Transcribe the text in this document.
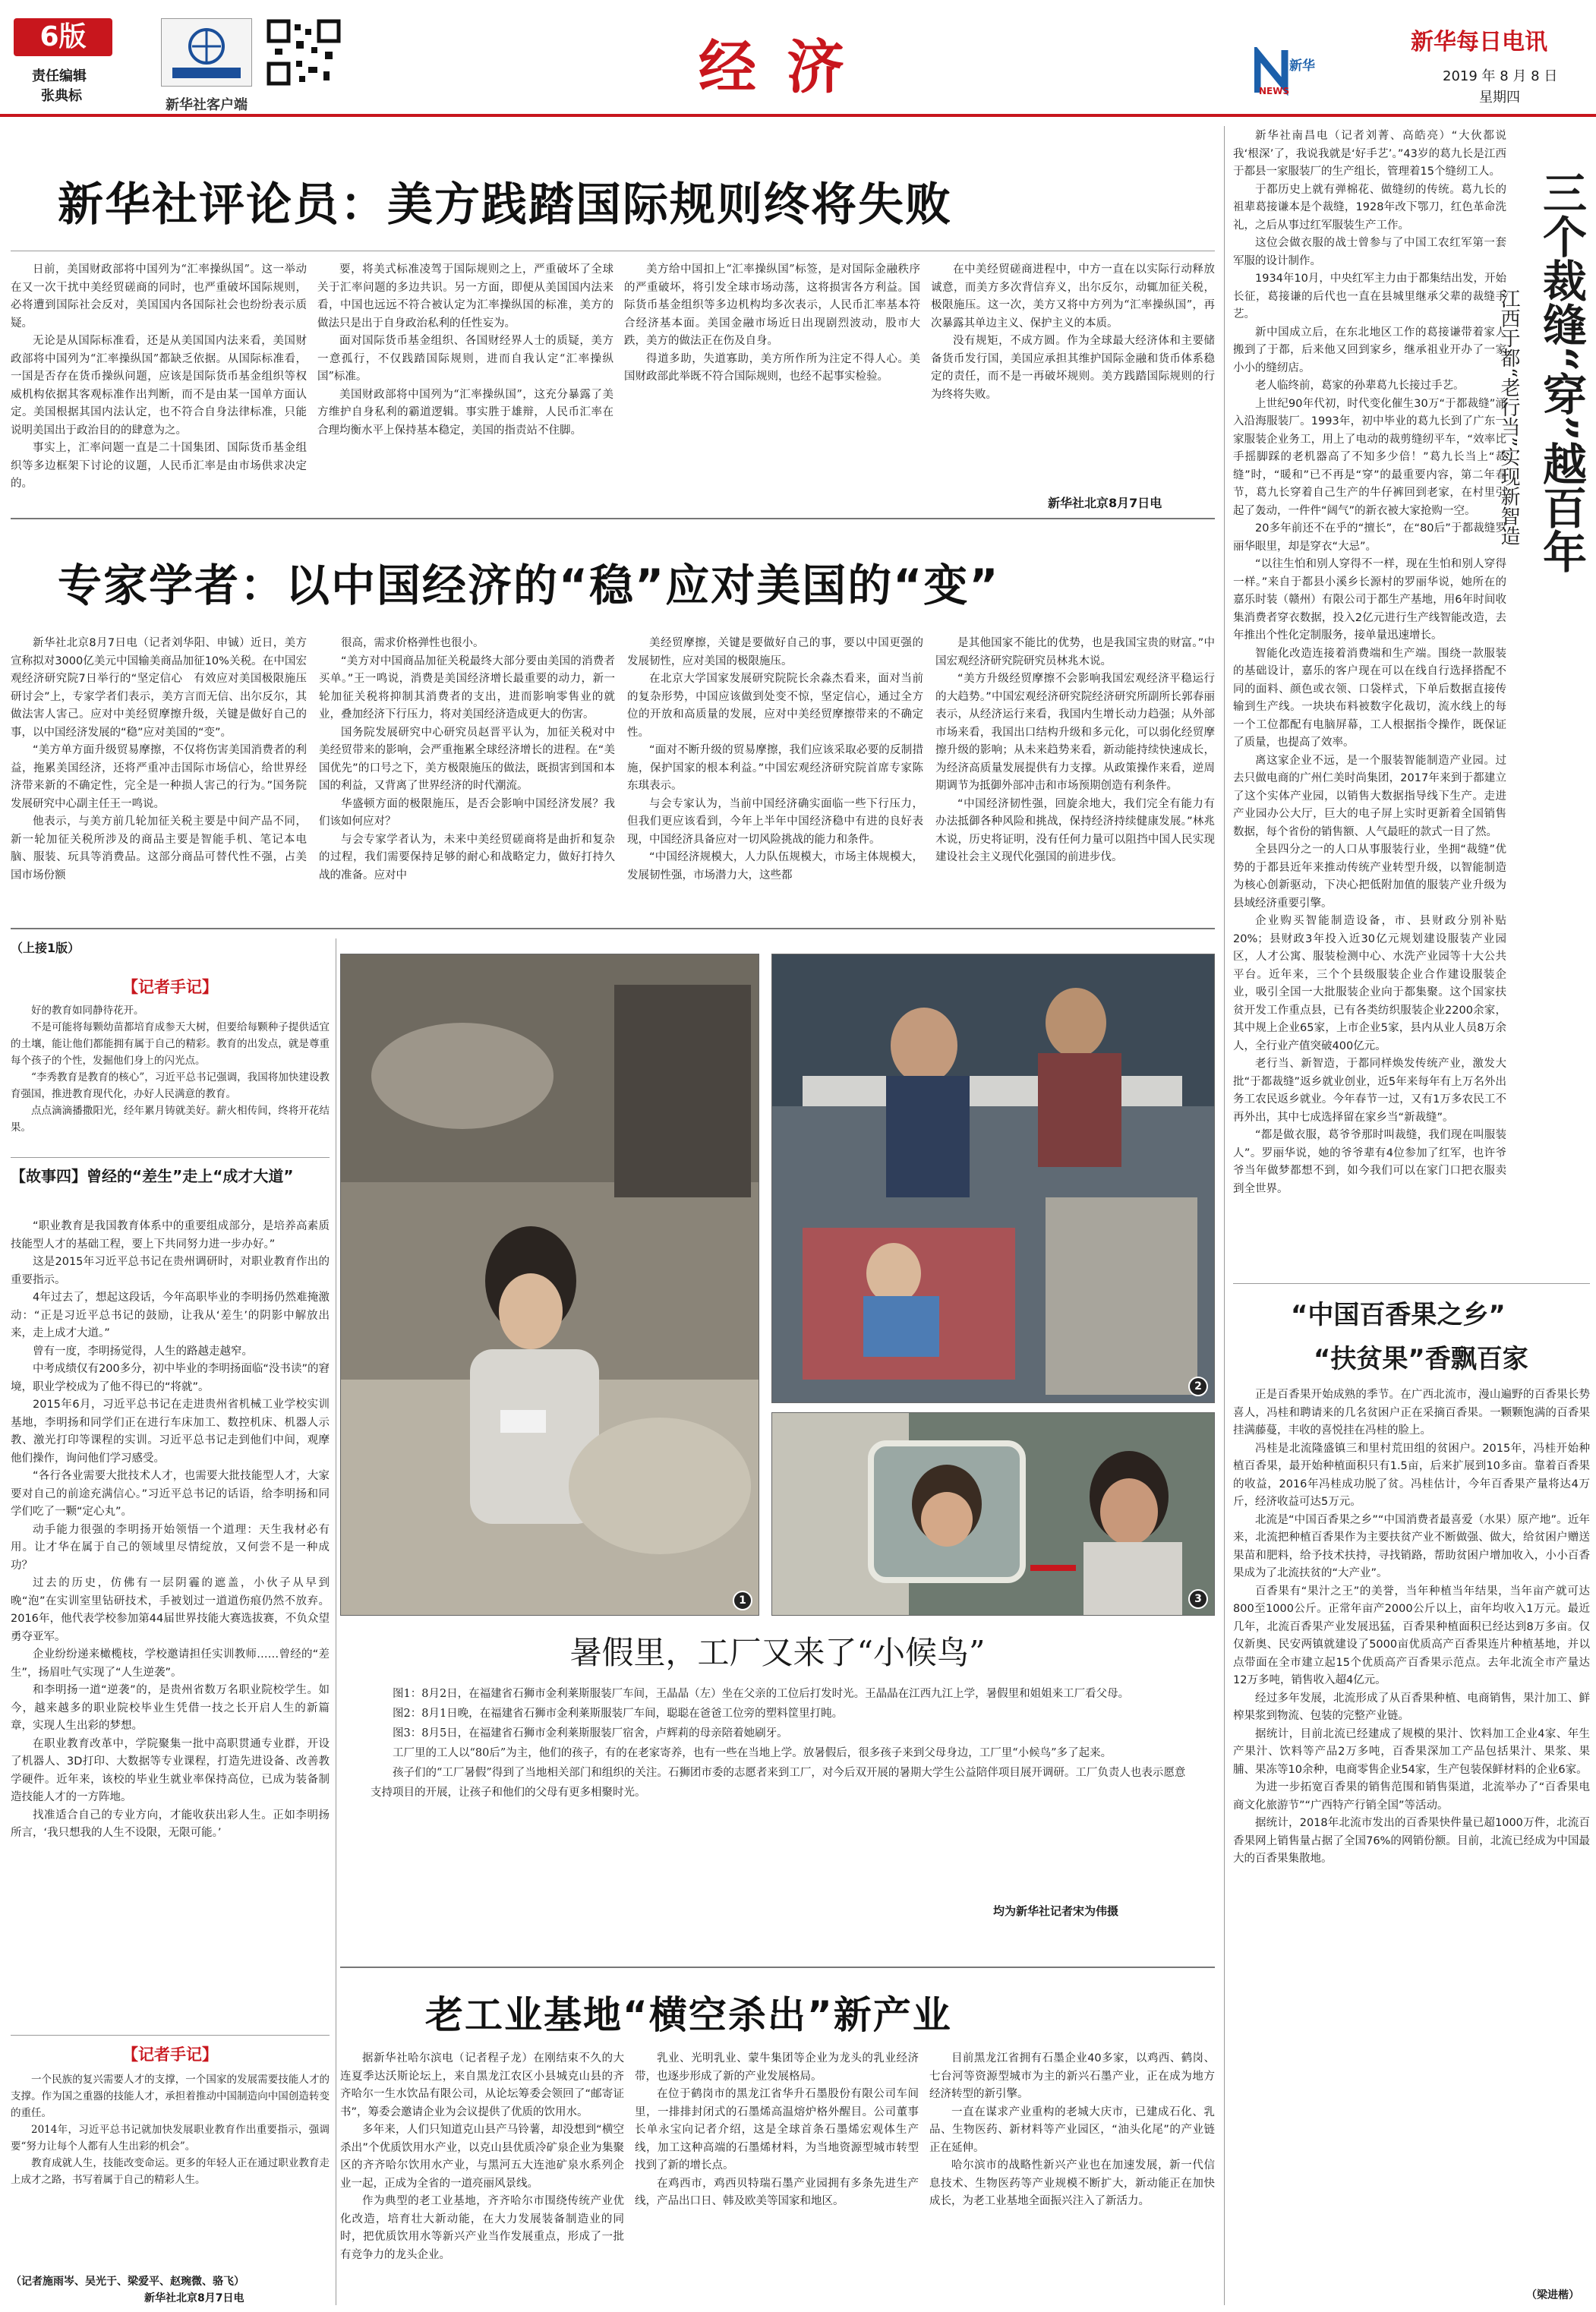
6版
责任编辑
张典标
新华社客户端
经济	新华
NEWS
新华每日电讯
2019 年 8 月 8 日
星期四
新华社评论员：美方践踏国际规则终将失败

日前，美国财政部将中国列为“汇率操纵国”。这一举动在又一次干扰中美经贸磋商的同时，也严重破坏国际规则，必将遭到国际社会反对，美国国内各国际社会也纷纷表示质疑。

无论是从国际标准看，还是从美国国内法来看，美国财政部将中国列为“汇率操纵国”都缺乏依据。从国际标准看，一国是否存在货币操纵问题，应该是国际货币基金组织等权威机构依据其客观标准作出判断，而不是由某一国单方面认定。美国根据其国内法认定，也不符合自身法律标准，只能说明美国出于政治目的的肆意为之。

事实上，汇率问题一直是二十国集团、国际货币基金组织等多边框架下讨论的议题，人民币汇率是由市场供求决定的。

要，将美式标准凌驾于国际规则之上，严重破坏了全球关于汇率问题的多边共识。另一方面，即便从美国国内法来看，中国也远远不符合被认定为汇率操纵国的标准，美方的做法只是出于自身政治私利的任性妄为。

面对国际货币基金组织、各国财经界人士的质疑，美方一意孤行，不仅践踏国际规则，进而自我认定“汇率操纵国”标准。

美国财政部将中国列为“汇率操纵国”，这充分暴露了美方维护自身私利的霸道逻辑。事实胜于雄辩，人民币汇率在合理均衡水平上保持基本稳定，美国的指责站不住脚。

美方给中国扣上“汇率操纵国”标签，是对国际金融秩序的严重破坏，将引发全球市场动荡，这将损害各方利益。国际货币基金组织等多边机构均多次表示，人民币汇率基本符合经济基本面。美国金融市场近日出现剧烈波动，股市大跌，美方的做法正在伤及自身。

得道多助，失道寡助，美方所作所为注定不得人心。美国财政部此举既不符合国际规则，也经不起事实检验。

在中美经贸磋商进程中，中方一直在以实际行动释放诚意，而美方多次背信弃义，出尔反尔，动辄加征关税，极限施压。这一次，美方又将中方列为“汇率操纵国”，再次暴露其单边主义、保护主义的本质。

没有规矩，不成方圆。作为全球最大经济体和主要储备货币发行国，美国应承担其维护国际金融和货币体系稳定的责任，而不是一再破坏规则。美方践踏国际规则的行为终将失败。

新华社北京8月7日电
专家学者：以中国经济的“稳”应对美国的“变”

新华社北京8月7日电（记者刘华阳、申铖）近日，美方宣称拟对3000亿美元中国输美商品加征10%关税。在中国宏观经济研究院7日举行的“坚定信心　有效应对美国极限施压研讨会”上，专家学者们表示，美方言而无信、出尔反尔，其做法害人害己。应对中美经贸摩擦升级，关键是做好自己的事，以中国经济发展的“稳”应对美国的“变”。

“美方单方面升级贸易摩擦，不仅将伤害美国消费者的利益，拖累美国经济，还将严重冲击国际市场信心，给世界经济带来新的不确定性，完全是一种损人害己的行为。”国务院发展研究中心副主任王一鸣说。

他表示，与美方前几轮加征关税主要是中间产品不同，新一轮加征关税所涉及的商品主要是智能手机、笔记本电脑、服装、玩具等消费品。这部分商品可替代性不强，占美国市场份额

很高，需求价格弹性也很小。

“美方对中国商品加征关税最终大部分要由美国的消费者买单。”王一鸣说，消费是美国经济增长最重要的动力，新一轮加征关税将抑制其消费者的支出，进而影响零售业的就业，叠加经济下行压力，将对美国经济造成更大的伤害。

国务院发展研究中心研究员赵晋平认为，加征关税对中美经贸带来的影响，会严重拖累全球经济增长的进程。在“美国优先”的口号之下，美方极限施压的做法，既损害到国和本国的利益，又背离了世界经济的时代潮流。

华盛顿方面的极限施压，是否会影响中国经济发展？我们该如何应对？

与会专家学者认为，未来中美经贸磋商将是曲折和复杂的过程，我们需要保持足够的耐心和战略定力，做好打持久战的准备。应对中

美经贸摩擦，关键是要做好自己的事，要以中国更强的发展韧性，应对美国的极限施压。

在北京大学国家发展研究院院长余淼杰看来，面对当前的复杂形势，中国应该做到处变不惊，坚定信心，通过全方位的开放和高质量的发展，应对中美经贸摩擦带来的不确定性。

“面对不断升级的贸易摩擦，我们应该采取必要的反制措施，保护国家的根本利益。”中国宏观经济研究院首席专家陈东琪表示。

与会专家认为，当前中国经济确实面临一些下行压力，但我们更应该看到，今年上半年中国经济稳中有进的良好表现，中国经济具备应对一切风险挑战的能力和条件。

“中国经济规模大，人力队伍规模大，市场主体规模大，发展韧性强，市场潜力大，这些都

是其他国家不能比的优势，也是我国宝贵的财富。”中国宏观经济研究院研究员林兆木说。

“美方升级经贸摩擦不会影响我国宏观经济平稳运行的大趋势。”中国宏观经济研究院经济研究所副所长郭春丽表示，从经济运行来看，我国内生增长动力趋强；从外部市场来看，我国出口结构升级和多元化，可以弱化经贸摩擦升级的影响；从未来趋势来看，新动能持续快速成长，为经济高质量发展提供有力支撑。从政策操作来看，逆周期调节为抵御外部冲击和市场预期创造有利条件。

“中国经济韧性强，回旋余地大，我们完全有能力有办法抵御各种风险和挑战，保持经济持续健康发展。”林兆木说，历史将证明，没有任何力量可以阻挡中国人民实现建设社会主义现代化强国的前进步伐。

（上接1版）
【记者手记】

好的教育如同静待花开。

不是可能将每颗幼苗都培育成参天大树，但要给每颗种子提供适宜的土壤，能让他们都能拥有属于自己的精彩。教育的出发点，就是尊重每个孩子的个性，发掘他们身上的闪光点。

“李秀教育是教育的核心”，习近平总书记强调，我国将加快建设教育强国，推进教育现代化，办好人民满意的教育。

点点滴滴播撒阳光，经年累月铸就美好。薪火相传间，终将开花结果。

【故事四】曾经的“差生”走上“成才大道”

“职业教育是我国教育体系中的重要组成部分，是培养高素质技能型人才的基础工程，要上下共同努力进一步办好。”

这是2015年习近平总书记在贵州调研时，对职业教育作出的重要指示。

4年过去了，想起这段话，今年高职毕业的李明扬仍然难掩激动：“正是习近平总书记的鼓励，让我从‘差生’的阴影中解放出来，走上成才大道。”

曾有一度，李明扬觉得，人生的路越走越窄。

中考成绩仅有200多分，初中毕业的李明扬面临“没书读”的窘境，职业学校成为了他不得已的“将就”。

2015年6月，习近平总书记在走进贵州省机械工业学校实训基地，李明扬和同学们正在进行车床加工、数控机床、机器人示教、激光打印等课程的实训。习近平总书记走到他们中间，观摩他们操作，询问他们学习感受。

“各行各业需要大批技术人才，也需要大批技能型人才，大家要对自己的前途充满信心。”习近平总书记的话语，给李明扬和同学们吃了一颗“定心丸”。

动手能力很强的李明扬开始领悟一个道理：天生我材必有用。让才华在属于自己的领域里尽情绽放，又何尝不是一种成功？

过去的历史，仿佛有一层阴霾的遮盖，小伙子从早到晚“泡”在实训室里钻研技术，手被划过一道道伤痕仍然不放弃。2016年，他代表学校参加第44届世界技能大赛选拔赛，不负众望勇夺亚军。

企业纷纷递来橄榄枝，学校邀请担任实训教师……曾经的“差生”，扬眉吐气实现了“人生逆袭”。

和李明扬一道“逆袭”的，是贵州省数万名职业院校学生。如今，越来越多的职业院校毕业生凭借一技之长开启人生的新篇章，实现人生出彩的梦想。

在职业教育改革中，学院聚集一批中高职贯通专业群，开设了机器人、3D打印、大数据等专业课程，打造先进设备、改善教学硬件。近年来，该校的毕业生就业率保持高位，已成为装备制造技能人才的一方阵地。

找准适合自己的专业方向，才能收获出彩人生。正如李明扬所言，‘我只想我的人生不设限，无限可能。’

【记者手记】

一个民族的复兴需要人才的支撑，一个国家的发展需要技能人才的支撑。作为国之重器的技能人才，承担着推动中国制造向中国创造转变的重任。

2014年，习近平总书记就加快发展职业教育作出重要指示，强调要“努力让每个人都有人生出彩的机会”。

教育成就人生，技能改变命运。更多的年轻人正在通过职业教育走上成才之路，书写着属于自己的精彩人生。

（记者施雨岑、吴光于、梁爱平、赵琬微、骆飞）
新华社北京8月7日电
1
2
3
暑假里，工厂又来了“小候鸟”

图1：8月2日，在福建省石狮市金利莱斯服装厂车间，王晶晶（左）坐在父亲的工位后打发时光。王晶晶在江西九江上学，暑假里和姐姐来工厂看父母。

图2：8月1日晚，在福建省石狮市金利莱斯服装厂车间，聪聪在爸爸工位旁的塑料筐里打盹。

图3：8月5日，在福建省石狮市金利莱斯服装厂宿舍，卢辉莉的母亲陪着她刷牙。

工厂里的工人以“80后”为主，他们的孩子，有的在老家寄养，也有一些在当地上学。放暑假后，很多孩子来到父母身边，工厂里“小候鸟”多了起来。

孩子们的“工厂暑假”得到了当地相关部门和组织的关注。石狮团市委的志愿者来到工厂，对今后双开展的暑期大学生公益陪伴项目展开调研。工厂负责人也表示愿意支持项目的开展，让孩子和他们的父母有更多相聚时光。

均为新华社记者宋为伟摄
老工业基地“横空杀出”新产业

据新华社哈尔滨电（记者程子龙）在刚结束不久的大连夏季达沃斯论坛上，来自黑龙江农区小县城克山县的齐齐哈尔一生水饮品有限公司，从论坛筹委会领回了“邮寄证书”，筹委会邀请企业为会议提供了优质的饮用水。

多年来，人们只知道克山县产马铃薯，却没想到“横空杀出”个优质饮用水产业，以克山县优质冷矿泉企业为集聚区的齐齐哈尔饮用水产业，与黑河五大连池矿泉水系列企业一起，正成为全省的一道亮丽风景线。

作为典型的老工业基地，齐齐哈尔市围绕传统产业优化改造，培育壮大新动能，在大力发展装备制造业的同时，把优质饮用水等新兴产业当作发展重点，形成了一批有竞争力的龙头企业。

乳业、光明乳业、蒙牛集团等企业为龙头的乳业经济带，也逐步形成了新的产业发展格局。

在位于鹤岗市的黑龙江省华升石墨股份有限公司车间里，一排排封闭式的石墨烯高温熔炉格外醒目。公司董事长单永宝向记者介绍，这是全球首条石墨烯宏观体生产线，加工这种高端的石墨烯材料，为当地资源型城市转型找到了新的增长点。

在鸡西市，鸡西贝特瑞石墨产业园拥有多条先进生产线，产品出口日、韩及欧美等国家和地区。

目前黑龙江省拥有石墨企业40多家，以鸡西、鹤岗、七台河等资源型城市为主的新兴石墨产业，正在成为地方经济转型的新引擎。

一直在谋求产业重构的老城大庆市，已建成石化、乳品、生物医药、新材料等产业园区，“油头化尾”的产业链正在延伸。

哈尔滨市的战略性新兴产业也在加速发展，新一代信息技术、生物医药等产业规模不断扩大，新动能正在加快成长，为老工业基地全面振兴注入了新活力。

新华社南昌电（记者刘菁、高皓亮）“大伙都说我‘根深’了，我说我就是‘好手艺’。”43岁的葛九长是江西于都县一家服装厂的生产组长，管理着15个缝纫工人。

于都历史上就有弹棉花、做缝纫的传统。葛九长的祖辈葛接谦本是个裁缝，1928年改下鄂刀，红色革命洗礼，之后从事过红军服装生产工作。

这位会做衣服的战士曾参与了中国工农红军第一套军服的设计制作。

1934年10月，中央红军主力由于都集结出发，开始长征，葛接谦的后代也一直在县城里继承父辈的裁缝手艺。

新中国成立后，在东北地区工作的葛接谦带着家人搬到了于都，后来他又回到家乡，继承祖业开办了一家小小的缝纫店。

老人临终前，葛家的孙辈葛九长接过手艺。

上世纪90年代初，时代变化催生30万“于都裁缝”涌入沿海服装厂。1993年，初中毕业的葛九长到了广东一家服装企业务工，用上了电动的裁剪缝纫平车，“效率比手摇脚踩的老机器高了不知多少倍！”葛九长当上“裁缝”时，“暖和”已不再是“穿”的最重要内容，第二年春节，葛九长穿着自己生产的牛仔裤回到老家，在村里引起了轰动，一件件“阔气”的新衣被大家抢购一空。

20多年前还不在乎的“擅长”，在“80后”于都裁缝罗丽华眼里，却是穿衣“大忌”。

“以往生怕和别人穿得不一样，现在生怕和别人穿得一样。”来自于都县小溪乡长源村的罗丽华说，她所在的嘉乐时装（赣州）有限公司于都生产基地，用6年时间收集消费者穿衣数据，投入2亿元进行生产线智能改造，去年推出个性化定制服务，接单量迅速增长。

智能化改造连接着消费端和生产端。围绕一款服装的基础设计，嘉乐的客户现在可以在线自行选择搭配不同的面料、颜色或衣领、口袋样式，下单后数据直接传输到生产线。一块块布料被数字化裁切，流水线上的每一个工位都配有电脑屏幕，工人根据指令操作，既保证了质量，也提高了效率。

离这家企业不远，是一个服装智能制造产业园。过去只做电商的广州仁美时尚集团，2017年来到于都建立了这个实体产业园，以销售大数据指导线下生产。走进产业园办公大厅，巨大的电子屏上实时更新着全国销售数据，每个省份的销售额、人气最旺的款式一目了然。

全县四分之一的人口从事服装行业，坐拥“裁缝”优势的于都县近年来推动传统产业转型升级，以智能制造为核心创新驱动，下决心把低附加值的服装产业升级为县域经济重要引擎。

企业购买智能制造设备，市、县财政分别补贴20%；县财政3年投入近30亿元规划建设服装产业园区，人才公寓、服装检测中心、水洗产业园等十大公共平台。近年来，三个个县级服装企业合作建设服装企业，吸引全国一大批服装企业向于都集聚。这个国家扶贫开发工作重点县，已有各类纺织服装企业2200余家，其中规上企业65家，上市企业5家，县内从业人员8万余人，全行业产值突破400亿元。

老行当、新智造，于都同样焕发传统产业，激发大批“于都裁缝”返乡就业创业，近5年来每年有上万名外出务工农民返乡就业。今年春节一过，又有1万多农民工不再外出，其中七成选择留在家乡当“新裁缝”。

“都是做衣服，葛爷爷那时叫裁缝，我们现在叫服装人”。罗丽华说，她的爷爷辈有4位参加了红军，也许爷爷当年做梦都想不到，如今我们可以在家门口把衣服卖到全世界。

三个裁缝“穿”越百年
江西于都“老行当”实现新智造
“中国百香果之乡”
“扶贫果”香飘百家

正是百香果开始成熟的季节。在广西北流市，漫山遍野的百香果长势喜人，冯桂和聘请来的几名贫困户正在采摘百香果。一颗颗饱满的百香果挂满藤蔓，丰收的喜悦挂在冯桂的脸上。

冯桂是北流隆盛镇三和里村荒田组的贫困户。2015年，冯桂开始种植百香果，最开始种植面积只有1.5亩，后来扩展到10多亩。靠着百香果的收益，2016年冯桂成功脱了贫。冯桂估计，今年百香果产量将达4万斤，经济收益可达5万元。

北流是“中国百香果之乡”“中国消费者最喜爱（水果）原产地”。近年来，北流把种植百香果作为主要扶贫产业不断做强、做大，给贫困户赠送果苗和肥料，给予技术扶持，寻找销路，帮助贫困户增加收入，小小百香果成为了北流扶贫的“大产业”。

百香果有“果汁之王”的美誉，当年种植当年结果，当年亩产就可达800至1000公斤。正常年亩产2000公斤以上，亩年均收入1万元。最近几年，北流百香果产业发展迅猛，百香果种植面积已经达到8万多亩。仅仅新奥、民安两镇就建设了5000亩优质高产百香果连片种植基地，并以点带面在全市建立起15个优质高产百香果示范点。去年北流全市产量达12万多吨，销售收入超4亿元。

经过多年发展，北流形成了从百香果种植、电商销售，果汁加工、鲜榨果浆到物流、包装的完整产业链。

据统计，目前北流已经建成了规模的果汁、饮料加工企业4家、年生产果汁、饮料等产品2万多吨，百香果深加工产品包括果汁、果浆、果脯、果冻等10余种，电商零售企业54家，生产包装保鲜材料的企业6家。

为进一步拓宽百香果的销售范围和销售渠道，北流举办了“百香果电商文化旅游节”“广西特产行销全国”等活动。

据统计，2018年北流市发出的百香果快件量已超1000万件，北流百香果网上销售量占据了全国76%的网销份额。目前，北流已经成为中国最大的百香果集散地。

（梁进楷）
